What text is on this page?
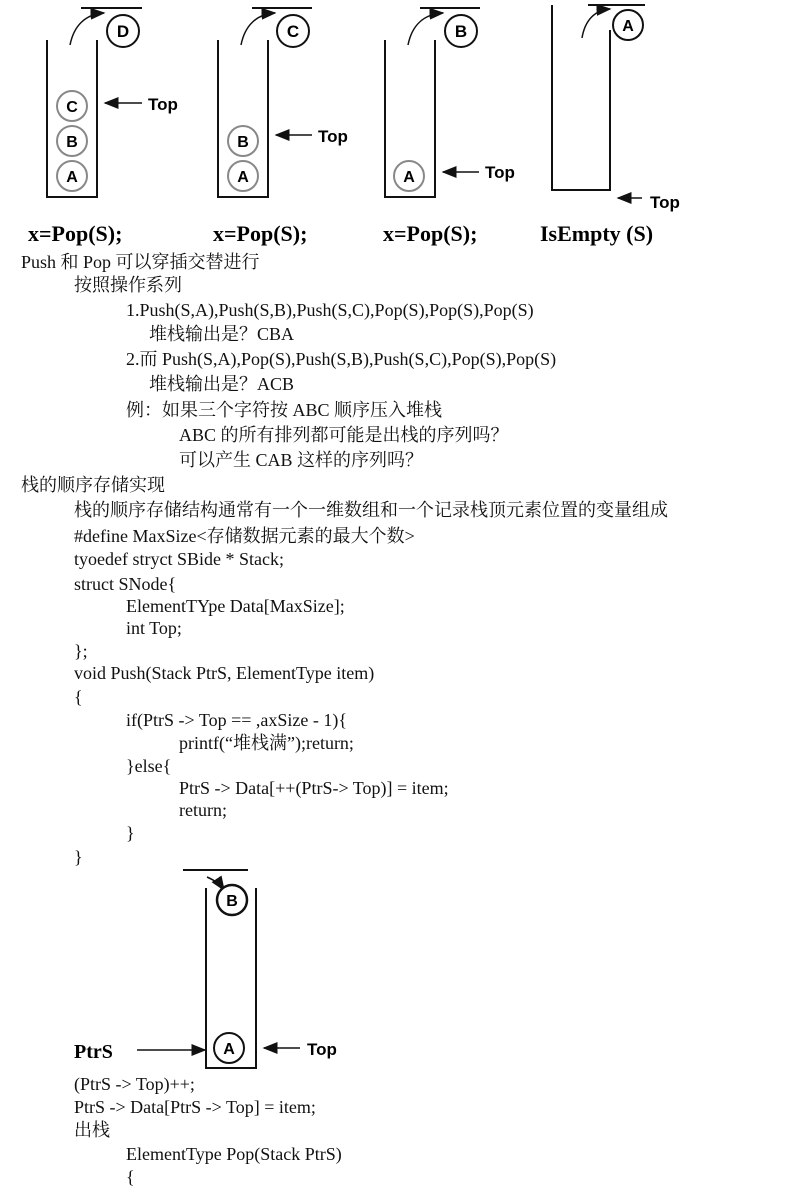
D
C
B
A
Top
x=Pop(S);
C
B
A
Top
x=Pop(S);
B
A	Top
x=Pop(S);
A
Top
IsEmpty (S)
Push 和 Pop 可以穿插交替进行
按照操作系列
1.Push(S,A),Push(S,B),Push(S,C),Pop(S),Pop(S),Pop(S)
堆栈输出是？CBA
2.而 Push(S,A),Pop(S),Push(S,B),Push(S,C),Pop(S),Pop(S)
堆栈输出是？ACB
例：如果三个字符按 ABC 顺序压入堆栈
ABC 的所有排列都可能是出栈的序列吗？
可以产生 CAB 这样的序列吗？
栈的顺序存储实现
栈的顺序存储结构通常有一个一维数组和一个记录栈顶元素位置的变量组成
#define MaxSize<存储数据元素的最大个数>
tyoedef stryct SBide * Stack;
struct SNode{
ElementTYpe Data[MaxSize];
int Top;
};
void Push(Stack PtrS, ElementType item)
{
if(PtrS -> Top == ,axSize - 1){
printf(“堆栈满”);return;
}else{
PtrS -> Data[++(PtrS-> Top)] = item;
return;
}
}
B
A	Top
PtrS
(PtrS -> Top)++;
PtrS -> Data[PtrS -> Top] = item;
出栈
ElementType Pop(Stack PtrS)
{
